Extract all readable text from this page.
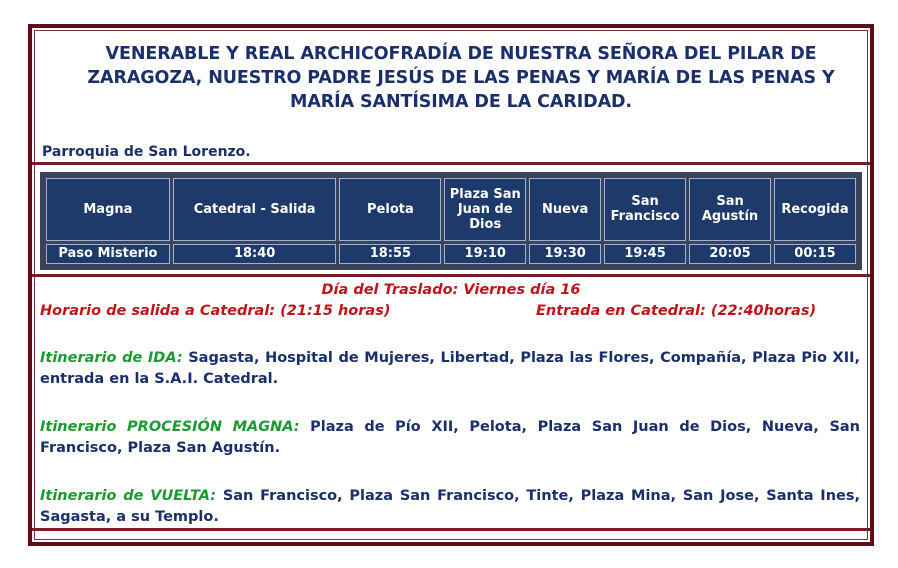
VENERABLE Y REAL ARCHICOFRADÍA DE NUESTRA SEÑORA DEL PILAR DE ZARAGOZA, NUESTRO PADRE JESÚS DE LAS PENAS Y MARÍA DE LAS PENAS Y MARÍA SANTÍSIMA DE LA CARIDAD.
Parroquia de San Lorenzo.
Magna	Catedral - Salida	Pelota	Plaza San Juan de Dios	Nueva	San Francisco	San Agustín	Recogida
Paso Misterio	18:40	18:55	19:10	19:30	19:45	20:05	00:15
Día del Traslado: Viernes día 16
Horario de salida a Catedral: (21:15 horas)	Entrada en Catedral: (22:40horas)
Itinerario de IDA: Sagasta, Hospital de Mujeres, Libertad, Plaza las Flores, Compañía, Plaza Pio XII, entrada en la S.A.I. Catedral.
Itinerario PROCESIÓN MAGNA: Plaza de Pío XII, Pelota, Plaza San Juan de Dios, Nueva, San Francisco, Plaza San Agustín.
Itinerario de VUELTA: San Francisco, Plaza San Francisco, Tinte, Plaza Mina, San Jose, Santa Ines, Sagasta, a su Templo.
